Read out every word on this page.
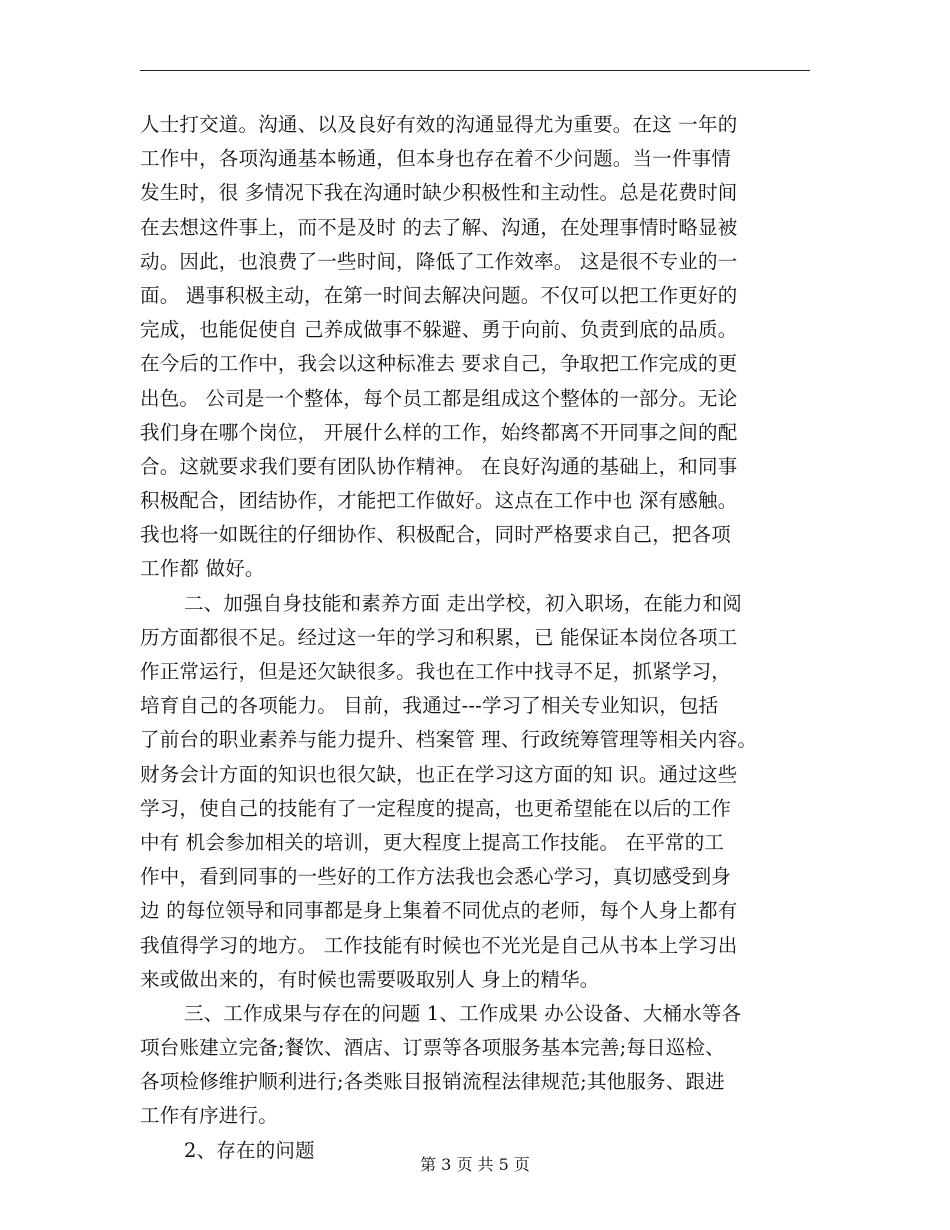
人士打交道。沟通、以及良好有效的沟通显得尤为重要。在这 一年的
工作中，各项沟通基本畅通，但本身也存在着不少问题。当一件事情
发生时，很 多情况下我在沟通时缺少积极性和主动性。总是花费时间
在去想这件事上，而不是及时 的去了解、沟通，在处理事情时略显被
动。因此，也浪费了一些时间，降低了工作效率。 这是很不专业的一
面。 遇事积极主动，在第一时间去解决问题。不仅可以把工作更好的
完成，也能促使自 己养成做事不躲避、勇于向前、负责到底的品质。
在今后的工作中，我会以这种标准去 要求自己，争取把工作完成的更
出色。 公司是一个整体，每个员工都是组成这个整体的一部分。无论
我们身在哪个岗位， 开展什么样的工作，始终都离不开同事之间的配
合。这就要求我们要有团队协作精神。 在良好沟通的基础上，和同事
积极配合，团结协作，才能把工作做好。这点在工作中也 深有感触。
我也将一如既往的仔细协作、积极配合，同时严格要求自己，把各项
工作都 做好。
二、加强自身技能和素养方面 走出学校，初入职场，在能力和阅
历方面都很不足。经过这一年的学习和积累，已 能保证本岗位各项工
作正常运行，但是还欠缺很多。我也在工作中找寻不足，抓紧学习，
培育自己的各项能力。 目前，我通过---学习了相关专业知识，包括
了前台的职业素养与能力提升、档案管 理、行政统筹管理等相关内容。
财务会计方面的知识也很欠缺，也正在学习这方面的知 识。通过这些
学习，使自己的技能有了一定程度的提高，也更希望能在以后的工作
中有 机会参加相关的培训，更大程度上提高工作技能。 在平常的工
作中，看到同事的一些好的工作方法我也会悉心学习，真切感受到身
边 的每位领导和同事都是身上集着不同优点的老师，每个人身上都有
我值得学习的地方。 工作技能有时候也不光光是自己从书本上学习出
来或做出来的，有时候也需要吸取别人 身上的精华。
三、工作成果与存在的问题 1、工作成果 办公设备、大桶水等各
项台账建立完备;餐饮、酒店、订票等各项服务基本完善;每日巡检、
各项检修维护顺利进行;各类账目报销流程法律规范;其他服务、跟进
工作有序进行。
2、存在的问题
第 3 页 共 5 页
